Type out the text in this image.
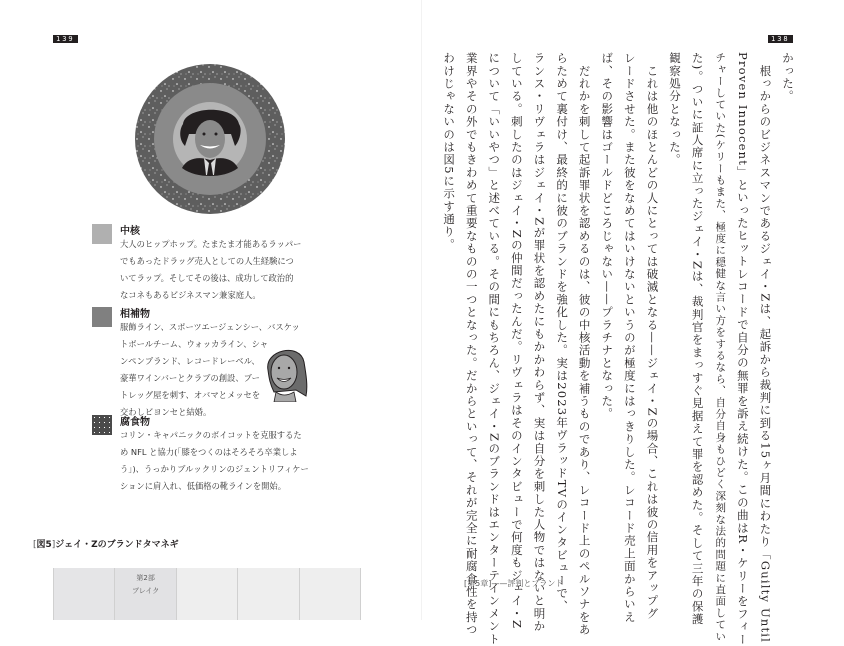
139
中核
大人のヒップホップ。たまたま才能あるラッパー
でもあったドラッグ売人としての人生経験につ
いてラップ。そしてその後は、成功して政治的
なコネもあるビジネスマン兼家庭人。
相補物
服飾ライン、スポーツエージェンシー、バスケッ
トボールチーム、ウォッカライン、シャ
ンペンブランド、レコードレーベル、
豪華ワインバーとクラブの創設、ブー
トレッグ屋を刺す、オバマとメッセを
交わしビヨンセと結婚。
腐食物
コリン・キャパニックのボイコットを克服するた
め NFL と協力(「膝をつくのはそろそろ卒業しよ
う」)、うっかりブルックリンのジェントリフィケー
ションに肩入れ、低価格の靴ラインを開始。
[図5]ジェイ・Zのブランドタマネギ
第2部
ブレイク
138
かった。
　根っからのビジネスマンであるジェイ・Zは、起訴から裁判に到る15ヶ月間にわたり「Guilty Until
Proven Innocent」といったヒットレコードで自分の無罪を訴え続けた。この曲はR・ケリーをフィー
チャーしていた(ケリーもまた、極度に穏健な言い方をするなら、自分自身もひどく深刻な法的問題に直面してい
た)。ついに証人席に立ったジェイ・Zは、裁判官をまっすぐ見据えて罪を認めた。そして三年の保護
観察処分となった。
　これは他のほとんどの人にとっては破滅となる——ジェイ・Zの場合、これは彼の信用をアップグ
レードさせた。また彼をなめてはいけないというのが極度にはっきりした。レコード売上面からいえ
ば、その影響はゴールドどころじゃない——プラチナとなった。
　だれかを刺して起訴罪状を認めるのは、彼の中核活動を補うものであり、レコード上のペルソナをあ
らためて裏付け、最終的に彼のブランドを強化した。実は2023年ヴラッドTVのインタビューで、
ランス・リヴェラはジェイ・Zが罪状を認めたにもかかわらず、実は自分を刺した人物ではないと明か
している。刺したのはジェイ・Zの仲間だったんだ。リヴェラはそのインタビューで何度もジェイ・Z
について「いいやつ」と述べている。その間にもちろん、ジェイ・Zのブランドはエンターテインメント
業界やその外でもきわめて重要なものの一つとなった。だからといって、それが完全に耐腐食性を持つ
わけじゃないのは図5に示す通り。
[第5章]——評判とブランド
